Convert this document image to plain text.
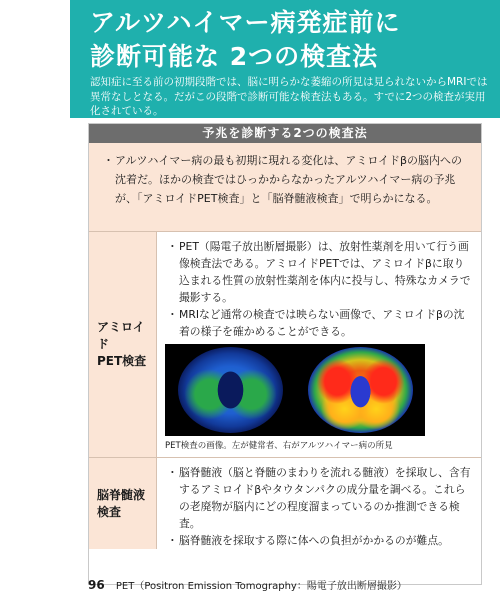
アルツハイマー病発症前に
診断可能な 2つの検査法
認知症に至る前の初期段階では、脳に明らかな萎縮の所見は見られないからMRIでは異常なしとなる。だがこの段階で診断可能な検査法もある。すでに2つの検査が実用化されている。
予兆を診断する2つの検査法
・ アルツハイマー病の最も初期に現れる変化は、アミロイドβの脳内への沈着だ。ほかの検査ではひっかからなかったアルツハイマー病の予兆が、「アミロイドPET検査」と「脳脊髄液検査」で明らかになる。
アミロイド
PET検査
・ PET（陽電子放出断層撮影）は、放射性薬剤を用いて行う画像検査法である。アミロイドPETでは、アミロイドβに取り込まれる性質の放射性薬剤を体内に投与し、特殊なカメラで撮影する。
・ MRIなど通常の検査では映らない画像で、アミロイドβの沈着の様子を確かめることができる。
PET検査の画像。左が健常者、右がアルツハイマー病の所見
脳脊髄液
検査
・ 脳脊髄液（脳と脊髄のまわりを流れる髄液）を採取し、含有するアミロイドβやタウタンパクの成分量を調べる。これらの老廃物が脳内にどの程度溜まっているのか推測できる検査。
・ 脳脊髄液を採取する際に体への負担がかかるのが難点。
96 PET（Positron Emission Tomography：陽電子放出断層撮影）
